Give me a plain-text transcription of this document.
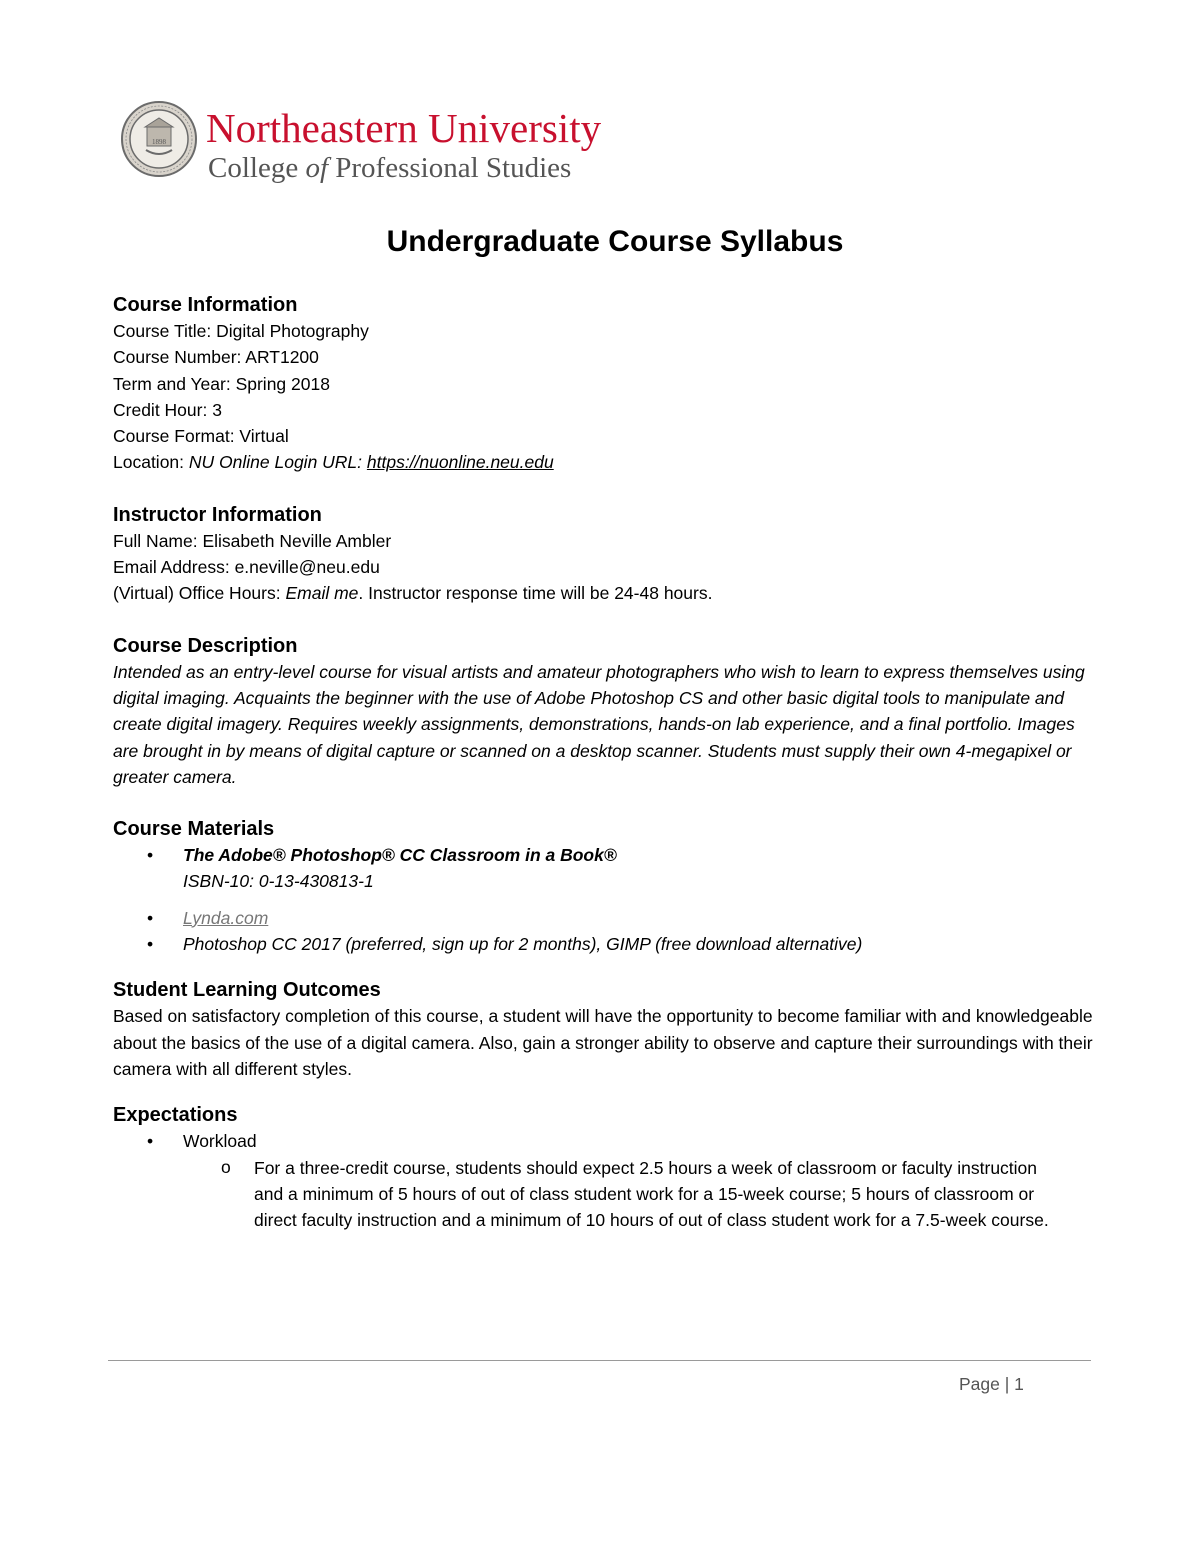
1898 Northeastern University
College of Professional Studies
Undergraduate Course Syllabus

Course Information

Course Title: Digital Photography

Course Number: ART1200

Term and Year: Spring 2018

Credit Hour: 3

Course Format: Virtual

Location: NU Online Login URL: https://nuonline.neu.edu

Instructor Information

Full Name: Elisabeth Neville Ambler

Email Address: e.neville@neu.edu

(Virtual) Office Hours: Email me. Instructor response time will be 24-48 hours.

Course Description

Intended as an entry-level course for visual artists and amateur photographers who wish to learn to express themselves using digital imaging. Acquaints the beginner with the use of Adobe Photoshop CS and other basic digital tools to manipulate and create digital imagery. Requires weekly assignments, demonstrations, hands-on lab experience, and a final portfolio. Images are brought in by means of digital capture or scanned on a desktop scanner. Students must supply their own 4-megapixel or greater camera.

Course Materials

• The Adobe® Photoshop® CC Classroom in a Book®
ISBN-10: 0-13-430813-1
• Lynda.com
• Photoshop CC 2017 (preferred, sign up for 2 months), GIMP (free download alternative)

Student Learning Outcomes

Based on satisfactory completion of this course, a student will have the opportunity to become familiar with and knowledgeable about the basics of the use of a digital camera. Also, gain a stronger ability to observe and capture their surroundings with their camera with all different styles.

Expectations

• Workload
o For a three-credit course, students should expect 2.5 hours a week of classroom or faculty instruction and a minimum of 5 hours of out of class student work for a 15-week course; 5 hours of classroom or direct faculty instruction and a minimum of 10 hours of out of class student work for a 7.5-week course.
Page | 1
